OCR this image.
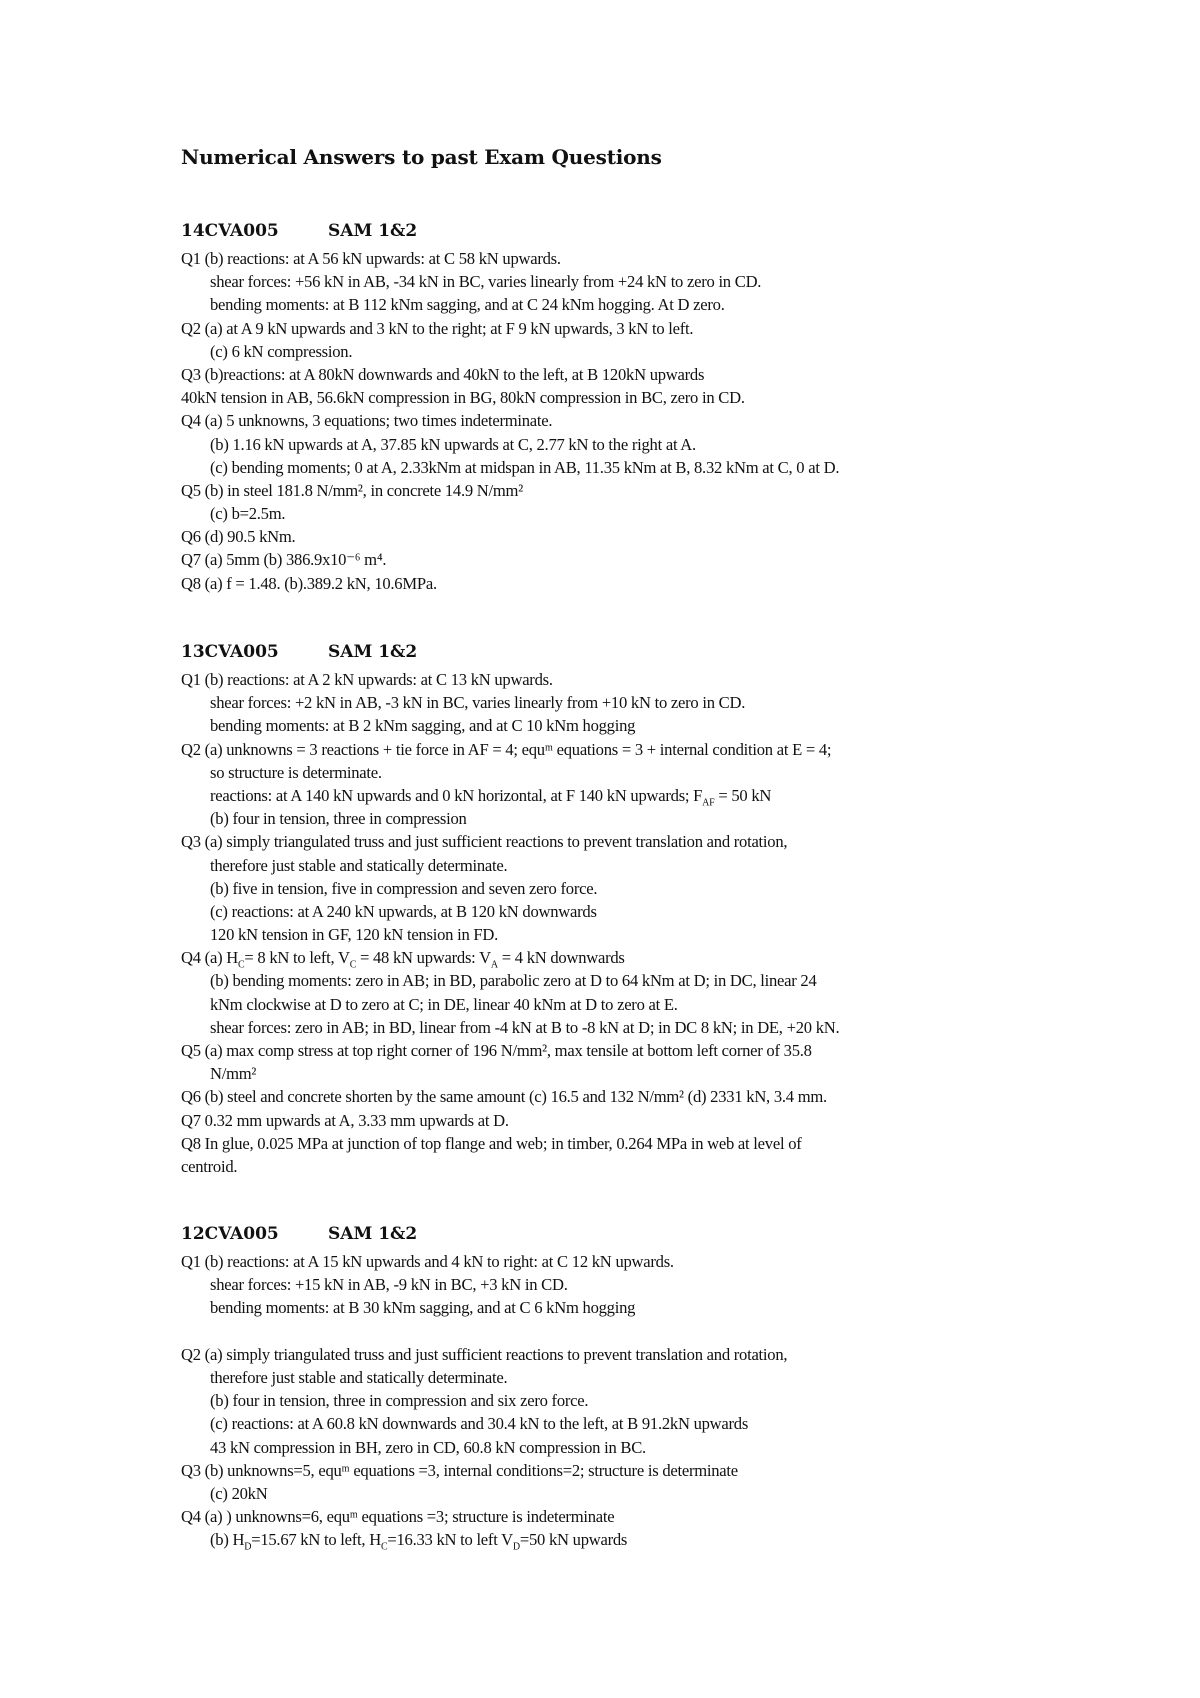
Numerical Answers to past Exam Questions
14CVA005	SAM 1&2
Q1 (b) reactions: at A 56 kN upwards: at C 58 kN upwards.
shear forces: +56 kN in AB, -34 kN in BC, varies linearly from +24 kN to zero in CD.
bending moments: at B 112 kNm sagging, and at C 24 kNm hogging. At D zero.
Q2 (a) at A 9 kN upwards and 3 kN to the right; at F 9 kN upwards, 3 kN to left.
(c) 6 kN compression.
Q3 (b)reactions: at A 80kN downwards and 40kN to the left, at B 120kN upwards
40kN tension in AB, 56.6kN compression in BG, 80kN compression in BC, zero in CD.
Q4 (a) 5 unknowns, 3 equations; two times indeterminate.
(b) 1.16 kN upwards at A, 37.85 kN upwards at C, 2.77 kN to the right at A.
(c) bending moments; 0 at A, 2.33kNm at midspan in AB, 11.35 kNm at B, 8.32 kNm at C, 0 at D.
Q5 (b) in steel 181.8 N/mm², in concrete 14.9 N/mm²
(c) b=2.5m.
Q6 (d) 90.5 kNm.
Q7 (a) 5mm (b) 386.9x10⁻⁶ m⁴.
Q8 (a) f = 1.48. (b).389.2 kN, 10.6MPa.
13CVA005	SAM 1&2
Q1 (b) reactions: at A 2 kN upwards: at C 13 kN upwards.
shear forces: +2 kN in AB, -3 kN in BC, varies linearly from +10 kN to zero in CD.
bending moments: at B 2 kNm sagging, and at C 10 kNm hogging
Q2 (a) unknowns = 3 reactions + tie force in AF = 4; equᵐ equations = 3 + internal condition at E = 4;
so structure is determinate.
reactions: at A 140 kN upwards and 0 kN horizontal, at F 140 kN upwards; $F_{AF} = 50$ kN
(b) four in tension, three in compression
Q3 (a) simply triangulated truss and just sufficient reactions to prevent translation and rotation,
therefore just stable and statically determinate.
(b) five in tension, five in compression and seven zero force.
(c) reactions: at A 240 kN upwards, at B 120 kN downwards
120 kN tension in GF, 120 kN tension in FD.
Q4 (a) $H_C= 8$ kN to left, $V_C = 48$ kN upwards: $V_A = 4$ kN downwards
(b) bending moments: zero in AB; in BD, parabolic zero at D to 64 kNm at D; in DC, linear 24
kNm clockwise at D to zero at C; in DE, linear 40 kNm at D to zero at E.
shear forces: zero in AB; in BD, linear from -4 kN at B to -8 kN at D; in DC 8 kN; in DE, +20 kN.
Q5 (a) max comp stress at top right corner of 196 N/mm², max tensile at bottom left corner of 35.8
N/mm²
Q6 (b) steel and concrete shorten by the same amount (c) 16.5 and 132 N/mm² (d) 2331 kN, 3.4 mm.
Q7 0.32 mm upwards at A, 3.33 mm upwards at D.
Q8 In glue, 0.025 MPa at junction of top flange and web; in timber, 0.264 MPa in web at level of
centroid.
12CVA005	SAM 1&2
Q1 (b) reactions: at A 15 kN upwards and 4 kN to right: at C 12 kN upwards.
shear forces: +15 kN in AB, -9 kN in BC, +3 kN in CD.
bending moments: at B 30 kNm sagging, and at C 6 kNm hogging
Q2 (a) simply triangulated truss and just sufficient reactions to prevent translation and rotation,
therefore just stable and statically determinate.
(b) four in tension, three in compression and six zero force.
(c) reactions: at A 60.8 kN downwards and 30.4 kN to the left, at B 91.2kN upwards
43 kN compression in BH, zero in CD, 60.8 kN compression in BC.
Q3 (b) unknowns=5, equᵐ equations =3, internal conditions=2; structure is determinate
(c) 20kN
Q4 (a) ) unknowns=6, equᵐ equations =3; structure is indeterminate
(b) $H_D=15.67$ kN to left, $H_C=16.33$ kN to left $V_D=50$ kN upwards
